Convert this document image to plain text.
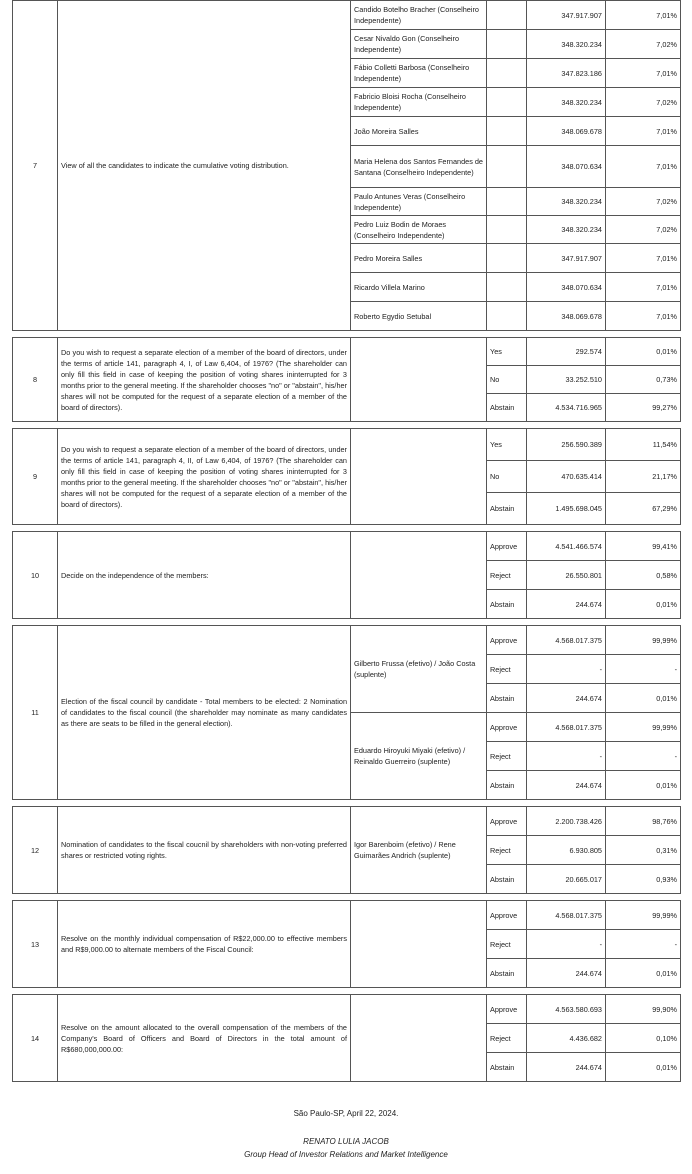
7	View of all the candidates to indicate the cumulative voting distribution.	Candido Botelho Bracher (Conselheiro Independente)		347.917.907	7,01%
		Cesar Nivaldo Gon (Conselheiro Independente)		348.320.234	7,02%
		Fábio Colletti Barbosa (Conselheiro Independente)		347.823.186	7,01%
		Fabricio Bloisi Rocha (Conselheiro Independente)		348.320.234	7,02%
		João Moreira Salles		348.069.678	7,01%
		Maria Helena dos Santos Fernandes de Santana (Conselheiro Independente)		348.070.634	7,01%
		Paulo Antunes Veras (Conselheiro Independente)		348.320.234	7,02%
		Pedro Luiz Bodin de Moraes (Conselheiro Independente)		348.320.234	7,02%
		Pedro Moreira Salles		347.917.907	7,01%
		Ricardo Villela Marino		348.070.634	7,01%
		Roberto Egydio Setubal		348.069.678	7,01%

8	Do you wish to request a separate election of a member of the board of directors, under the terms of article 141, paragraph 4, I, of Law 6,404, of 1976? (The shareholder can only fill this field in case of keeping the position of voting shares ininterrupted for 3 months prior to the general meeting. If the shareholder chooses "no" or "abstain", his/her shares will not be computed for the request of a separate election of a member of the board of directors).		Yes	292.574	0,01%
			No	33.252.510	0,73%
			Abstain	4.534.716.965	99,27%

9	Do you wish to request a separate election of a member of the board of directors, under the terms of article 141, paragraph 4, II, of Law 6,404, of 1976? (The shareholder can only fill this field in case of keeping the position of voting shares ininterrupted for 3 months prior to the general meeting. If the shareholder chooses "no" or "abstain", his/her shares will not be computed for the request of a separate election of a member of the board of directors).		Yes	256.590.389	11,54%
			No	470.635.414	21,17%
			Abstain	1.495.698.045	67,29%

10	Decide on the independence of the members:		Approve	4.541.466.574	99,41%
			Reject	26.550.801	0,58%
			Abstain	244.674	0,01%

11	Election of the fiscal council by candidate - Total members to be elected: 2 Nomination of candidates to the fiscal council (the shareholder may nominate as many candidates as there are seats to be filled in the general election).	Gilberto Frussa (efetivo) / João Costa (suplente)	Approve	4.568.017.375	99,99%
			Reject	-	-
			Abstain	244.674	0,01%
		Eduardo Hiroyuki Miyaki (efetivo) / Reinaldo Guerreiro (suplente)	Approve	4.568.017.375	99,99%
			Reject	-	-
			Abstain	244.674	0,01%

12	Nomination of candidates to the fiscal coucnil by shareholders with non-voting preferred shares or restricted voting rights.	Igor Barenboim (efetivo) / Rene Guimarães Andrich (suplente)	Approve	2.200.738.426	98,76%
			Reject	6.930.805	0,31%
			Abstain	20.665.017	0,93%

13	Resolve on the monthly individual compensation of R$22,000.00 to effective members and R$9,000.00 to alternate members of the Fiscal Council:		Approve	4.568.017.375	99,99%
			Reject	-	-
			Abstain	244.674	0,01%

14	Resolve on the amount allocated to the overall compensation of the members of the Company's Board of Officers and Board of Directors in the total amount of R$680,000,000.00:		Approve	4.563.580.693	99,90%
			Reject	4.436.682	0,10%
			Abstain	244.674	0,01%
São Paulo-SP, April 22, 2024.
RENATO LULIA JACOB
Group Head of Investor Relations and Market Intelligence
